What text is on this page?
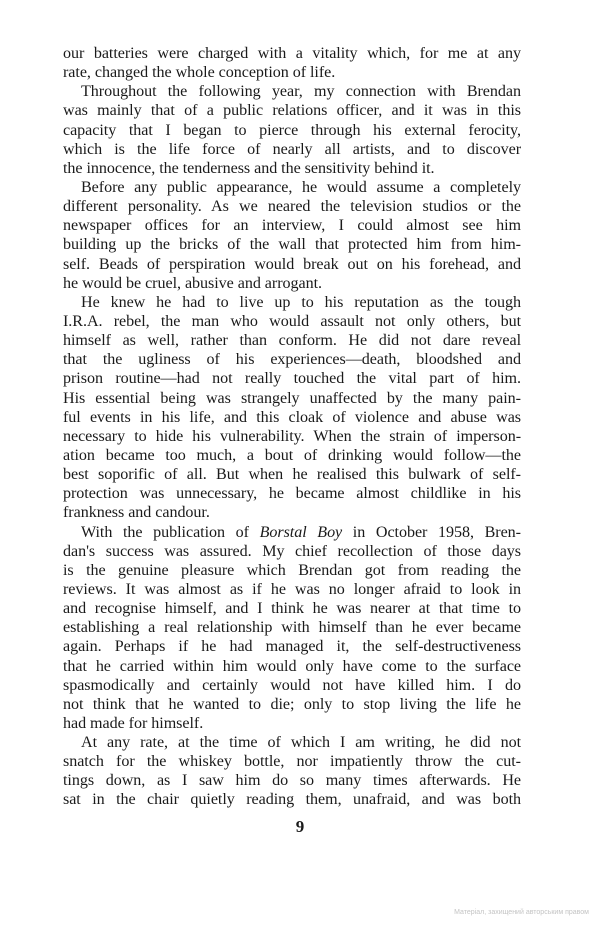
our batteries were charged with a vitality which, for me at any
rate, changed the whole conception of life.
Throughout the following year, my connection with Brendan
was mainly that of a public relations officer, and it was in this
capacity that I began to pierce through his external ferocity,
which is the life force of nearly all artists, and to discover
the innocence, the tenderness and the sensitivity behind it.
Before any public appearance, he would assume a completely
different personality. As we neared the television studios or the
newspaper offices for an interview, I could almost see him
building up the bricks of the wall that protected him from him-
self. Beads of perspiration would break out on his forehead, and
he would be cruel, abusive and arrogant.
He knew he had to live up to his reputation as the tough
I.R.A. rebel, the man who would assault not only others, but
himself as well, rather than conform. He did not dare reveal
that the ugliness of his experiences—death, bloodshed and
prison routine—had not really touched the vital part of him.
His essential being was strangely unaffected by the many pain-
ful events in his life, and this cloak of violence and abuse was
necessary to hide his vulnerability. When the strain of imperson-
ation became too much, a bout of drinking would follow—the
best soporific of all. But when he realised this bulwark of self-
protection was unnecessary, he became almost childlike in his
frankness and candour.
With the publication of Borstal Boy in October 1958, Bren-
dan's success was assured. My chief recollection of those days
is the genuine pleasure which Brendan got from reading the
reviews. It was almost as if he was no longer afraid to look in
and recognise himself, and I think he was nearer at that time to
establishing a real relationship with himself than he ever became
again. Perhaps if he had managed it, the self-destructiveness
that he carried within him would only have come to the surface
spasmodically and certainly would not have killed him. I do
not think that he wanted to die; only to stop living the life he
had made for himself.
At any rate, at the time of which I am writing, he did not
snatch for the whiskey bottle, nor impatiently throw the cut-
tings down, as I saw him do so many times afterwards. He
sat in the chair quietly reading them, unafraid, and was both
9
Матеріал, захищений авторським правом
